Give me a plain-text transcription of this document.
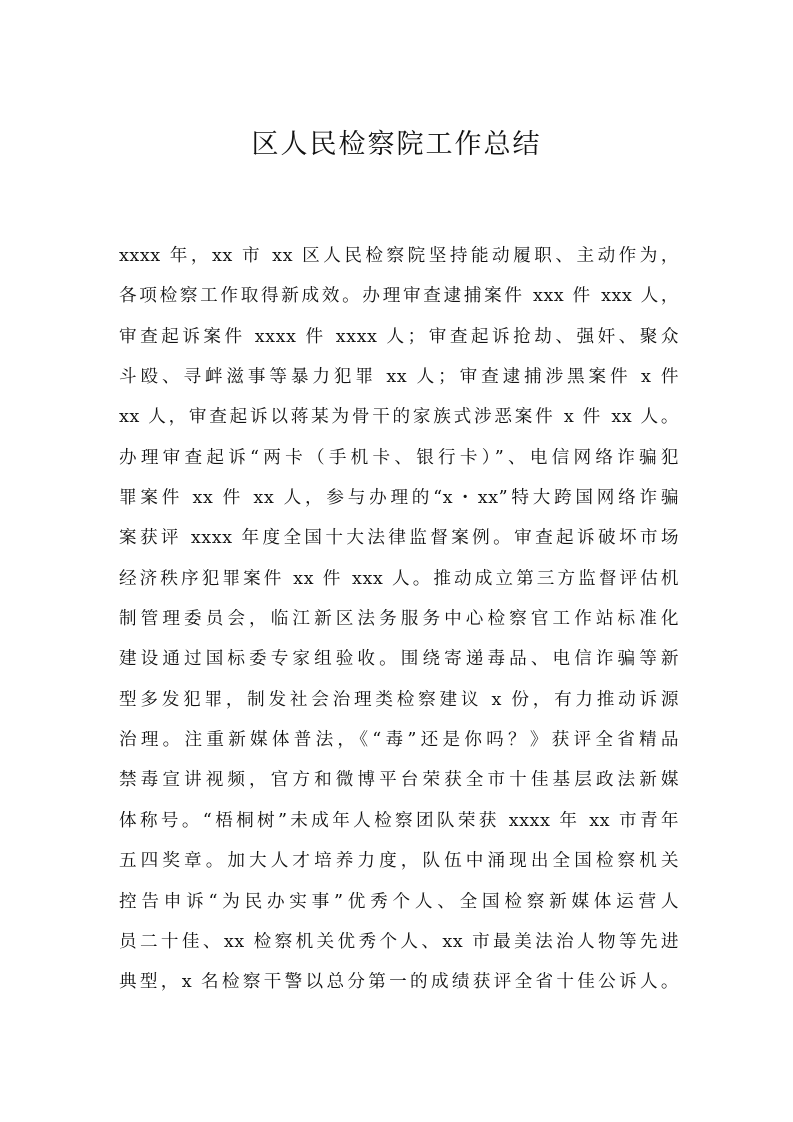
区人民检察院工作总结
xxxx 年，xx 市 xx 区人民检察院坚持能动履职、主动作为，
各项检察工作取得新成效。办理审查逮捕案件 xxx 件 xxx 人，
审查起诉案件 xxxx 件 xxxx 人；审查起诉抢劫、强奸、聚众
斗殴、寻衅滋事等暴力犯罪 xx 人；审查逮捕涉黑案件 x 件
xx 人，审查起诉以蒋某为骨干的家族式涉恶案件 x 件 xx 人。
办理审查起诉“两卡（手机卡、银行卡）”、电信网络诈骗犯
罪案件 xx 件 xx 人，参与办理的“x・xx”特大跨国网络诈骗
案获评 xxxx 年度全国十大法律监督案例。审查起诉破坏市场
经济秩序犯罪案件 xx 件 xxx 人。推动成立第三方监督评估机
制管理委员会，临江新区法务服务中心检察官工作站标准化
建设通过国标委专家组验收。围绕寄递毒品、电信诈骗等新
型多发犯罪，制发社会治理类检察建议 x 份，有力推动诉源
治理。注重新媒体普法，《“毒”还是你吗？》获评全省精品
禁毒宣讲视频，官方和微博平台荣获全市十佳基层政法新媒
体称号。“梧桐树”未成年人检察团队荣获 xxxx 年 xx 市青年
五四奖章。加大人才培养力度，队伍中涌现出全国检察机关
控告申诉“为民办实事”优秀个人、全国检察新媒体运营人
员二十佳、xx 检察机关优秀个人、xx 市最美法治人物等先进
典型，x 名检察干警以总分第一的成绩获评全省十佳公诉人。
